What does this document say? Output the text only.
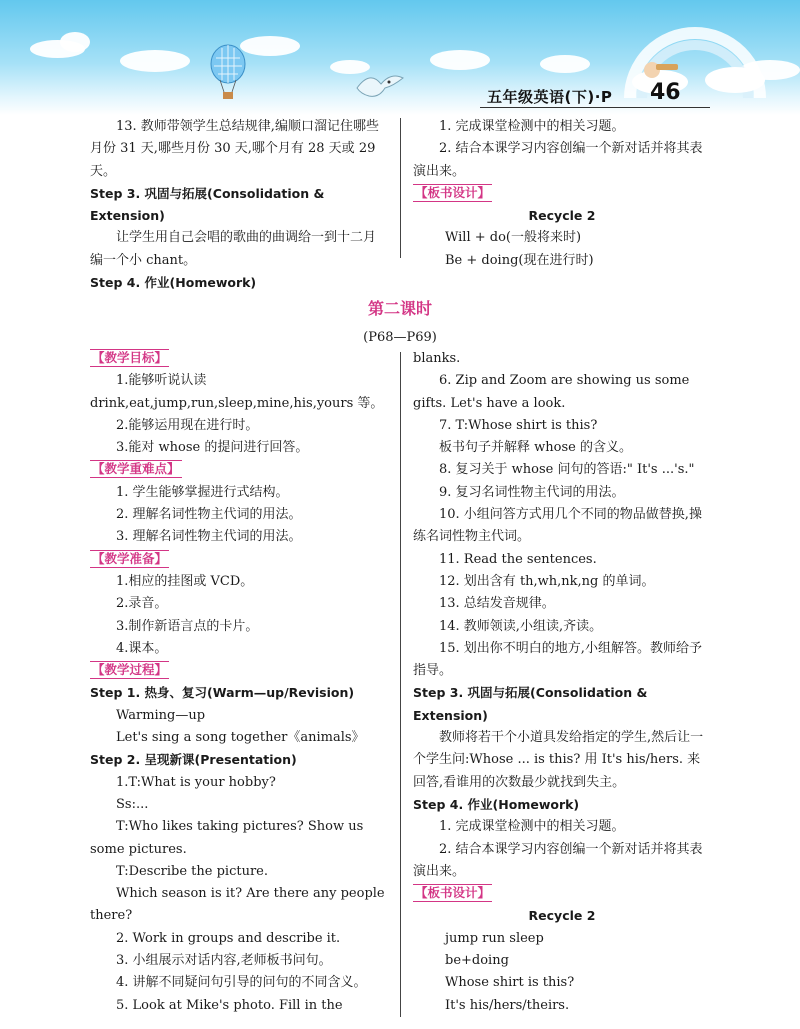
五年级英语(下)·P 46

13. 教师带领学生总结规律,编顺口溜记住哪些月份 31 天,哪些月份 30 天,哪个月有 28 天或 29 天。

Step 3. 巩固与拓展(Consolidation & Extension)

让学生用自己会唱的歌曲的曲调给一到十二月编一个小 chant。

Step 4. 作业(Homework)

1. 完成课堂检测中的相关习题。

2. 结合本课学习内容创编一个新对话并将其表演出来。

【板书设计】

Recycle 2

Will + do(一般将来时)

Be + doing(现在进行时)

第二课时
(P68—P69)

【教学目标】

1.能够听说认读 drink,eat,jump,run,sleep,mine,his,yours 等。

2.能够运用现在进行时。

3.能对 whose 的提问进行回答。

【教学重难点】

1. 学生能够掌握进行式结构。

2. 理解名词性物主代词的用法。

3. 理解名词性物主代词的用法。

【教学准备】

1.相应的挂图或 VCD。

2.录音。

3.制作新语言点的卡片。

4.课本。

【教学过程】

Step 1. 热身、复习(Warm—up/Revision)

Warming—up

Let's sing a song together《animals》

Step 2. 呈现新课(Presentation)

1.T:What is your hobby?

Ss:...

T:Who likes taking pictures? Show us some pictures.

T:Describe the picture.

Which season is it? Are there any people there?

2. Work in groups and describe it.

3. 小组展示对话内容,老师板书问句。

4. 讲解不同疑问句引导的问句的不同含义。

5. Look at Mike's photo. Fill in the

blanks.

6. Zip and Zoom are showing us some gifts. Let's have a look.

7. T:Whose shirt is this?

板书句子并解释 whose 的含义。

8. 复习关于 whose 问句的答语:" It's ...'s."

9. 复习名词性物主代词的用法。

10. 小组问答方式用几个不同的物品做替换,操练名词性物主代词。

11. Read the sentences.

12. 划出含有 th,wh,nk,ng 的单词。

13. 总结发音规律。

14. 教师领读,小组读,齐读。

15. 划出你不明白的地方,小组解答。教师给予指导。

Step 3. 巩固与拓展(Consolidation & Extension)

教师将若干个小道具发给指定的学生,然后让一个学生问:Whose ... is this? 用 It's his/hers. 来回答,看谁用的次数最少就找到失主。

Step 4. 作业(Homework)

1. 完成课堂检测中的相关习题。

2. 结合本课学习内容创编一个新对话并将其表演出来。

【板书设计】

Recycle 2

jump run sleep

be+doing

Whose shirt is this?

It's his/hers/theirs.
